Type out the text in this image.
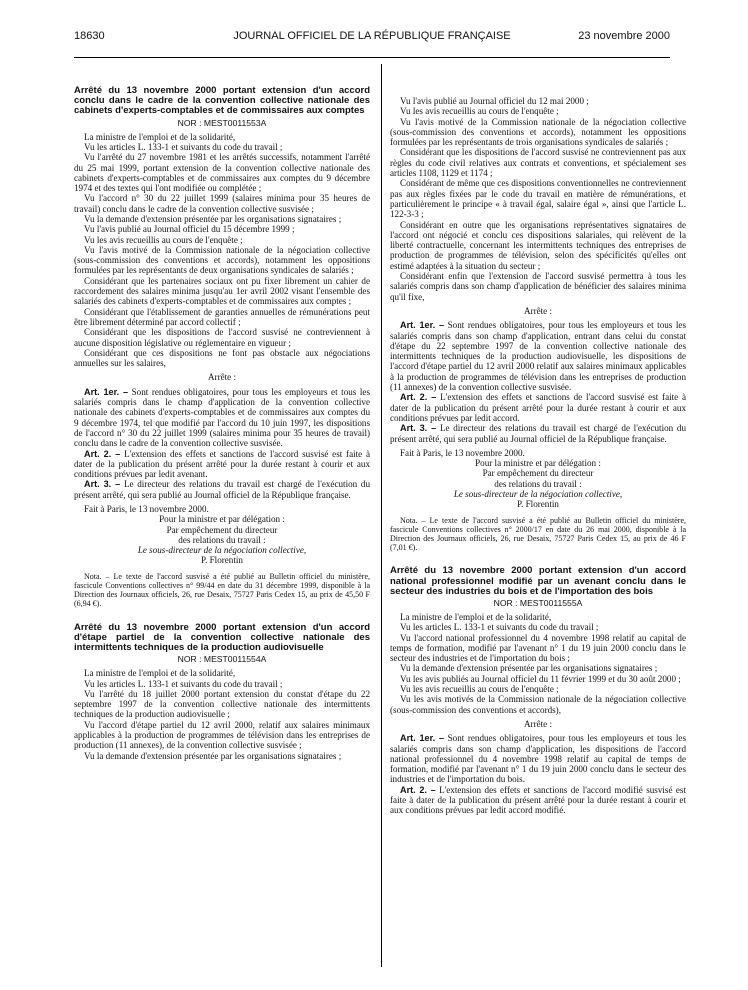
18630	JOURNAL OFFICIEL DE LA RÉPUBLIQUE FRANÇAISE	23 novembre 2000
Arrêté du 13 novembre 2000 portant extension d'un accord conclu dans le cadre de la convention collective nationale des cabinets d'experts-comptables et de commissaires aux comptes
NOR : MEST0011553A

La ministre de l'emploi et de la solidarité,

Vu les articles L. 133-1 et suivants du code du travail ;

Vu l'arrêté du 27 novembre 1981 et les arrêtés successifs, notamment l'arrêté du 25 mai 1999, portant extension de la convention collective nationale des cabinets d'experts-comptables et de commissaires aux comptes du 9 décembre 1974 et des textes qui l'ont modifiée ou complétée ;

Vu l'accord n° 30 du 22 juillet 1999 (salaires minima pour 35 heures de travail) conclu dans le cadre de la convention collective susvisée ;

Vu la demande d'extension présentée par les organisations signataires ;

Vu l'avis publié au Journal officiel du 15 décembre 1999 ;

Vu les avis recueillis au cours de l'enquête ;

Vu l'avis motivé de la Commission nationale de la négociation collective (sous-commission des conventions et accords), notamment les oppositions formulées par les représentants de deux organisations syndicales de salariés ;

Considérant que les partenaires sociaux ont pu fixer librement un cahier de raccordement des salaires minima jusqu'au 1er avril 2002 visant l'ensemble des salariés des cabinets d'experts-comptables et de commissaires aux comptes ;

Considérant que l'établissement de garanties annuelles de rémunérations peut être librement déterminé par accord collectif ;

Considérant que les dispositions de l'accord susvisé ne contreviennent à aucune disposition législative ou réglementaire en vigueur ;

Considérant que ces dispositions ne font pas obstacle aux négociations annuelles sur les salaires,

Arrête :

Art. 1er. – Sont rendues obligatoires, pour tous les employeurs et tous les salariés compris dans le champ d'application de la convention collective nationale des cabinets d'experts-comptables et de commissaires aux comptes du 9 décembre 1974, tel que modifié par l'accord du 10 juin 1997, les dispositions de l'accord n° 30 du 22 juillet 1999 (salaires minima pour 35 heures de travail) conclu dans le cadre de la convention collective susvisée.

Art. 2. – L'extension des effets et sanctions de l'accord susvisé est faite à dater de la publication du présent arrêté pour la durée restant à courir et aux conditions prévues par ledit avenant.

Art. 3. – Le directeur des relations du travail est chargé de l'exécution du présent arrêté, qui sera publié au Journal officiel de la République française.

Fait à Paris, le 13 novembre 2000.

Pour la ministre et par délégation :

Par empêchement du directeur

des relations du travail :

Le sous-directeur de la négociation collective,

P. Florentin

Nota. – Le texte de l'accord susvisé a été publié au Bulletin officiel du ministère, fascicule Conventions collectives n° 99/44 en date du 31 décembre 1999, disponible à la Direction des Journaux officiels, 26, rue Desaix, 75727 Paris Cedex 15, au prix de 45,50 F (6,94 €).

Arrêté du 13 novembre 2000 portant extension d'un accord d'étape partiel de la convention collective nationale des intermittents techniques de la production audiovisuelle
NOR : MEST0011554A

La ministre de l'emploi et de la solidarité,

Vu les articles L. 133-1 et suivants du code du travail ;

Vu l'arrêté du 18 juillet 2000 portant extension du constat d'étape du 22 septembre 1997 de la convention collective nationale des intermittents techniques de la production audiovisuelle ;

Vu l'accord d'étape partiel du 12 avril 2000, relatif aux salaires minimaux applicables à la production de programmes de télévision dans les entreprises de production (11 annexes), de la convention collective susvisée ;

Vu la demande d'extension présentée par les organisations signataires ;

Vu l'avis publié au Journal officiel du 12 mai 2000 ;

Vu les avis recueillis au cours de l'enquête ;

Vu l'avis motivé de la Commission nationale de la négociation collective (sous-commission des conventions et accords), notamment les oppositions formulées par les représentants de trois organisations syndicales de salariés ;

Considérant que les dispositions de l'accord susvisé ne contreviennent pas aux règles du code civil relatives aux contrats et conventions, et spécialement ses articles 1108, 1129 et 1174 ;

Considérant de même que ces dispositions conventionnelles ne contreviennent pas aux règles fixées par le code du travail en matière de rémunérations, et particulièrement le principe « à travail égal, salaire égal », ainsi que l'article L. 122-3-3 ;

Considérant en outre que les organisations représentatives signataires de l'accord ont négocié et conclu ces dispositions salariales, qui relèvent de la liberté contractuelle, concernant les intermittents techniques des entreprises de production de programmes de télévision, selon des spécificités qu'elles ont estimé adaptées à la situation du secteur ;

Considérant enfin que l'extension de l'accord susvisé permettra à tous les salariés compris dans son champ d'application de bénéficier des salaires minima qu'il fixe,

Arrête :

Art. 1er. – Sont rendues obligatoires, pour tous les employeurs et tous les salariés compris dans son champ d'application, entrant dans celui du constat d'étape du 22 septembre 1997 de la convention collective nationale des intermittents techniques de la production audiovisuelle, les dispositions de l'accord d'étape partiel du 12 avril 2000 relatif aux salaires minimaux applicables à la production de programmes de télévision dans les entreprises de production (11 annexes) de la convention collective susvisée.

Art. 2. – L'extension des effets et sanctions de l'accord susvisé est faite à dater de la publication du présent arrêté pour la durée restant à courir et aux conditions prévues par ledit accord.

Art. 3. – Le directeur des relations du travail est chargé de l'exécution du présent arrêté, qui sera publié au Journal officiel de la République française.

Fait à Paris, le 13 novembre 2000.

Pour la ministre et par délégation :

Par empêchement du directeur

des relations du travail :

Le sous-directeur de la négociation collective,

P. Florentin

Nota. – Le texte de l'accord susvisé a été publié au Bulletin officiel du ministère, fascicule Conventions collectives n° 2000/17 en date du 26 mai 2000, disponible à la Direction des Journaux officiels, 26, rue Desaix, 75727 Paris Cedex 15, au prix de 46 F (7,01 €).

Arrêté du 13 novembre 2000 portant extension d'un accord national professionnel modifié par un avenant conclu dans le secteur des industries du bois et de l'importation des bois
NOR : MEST0011555A

La ministre de l'emploi et de la solidarité,

Vu les articles L. 133-1 et suivants du code du travail ;

Vu l'accord national professionnel du 4 novembre 1998 relatif au capital de temps de formation, modifié par l'avenant n° 1 du 19 juin 2000 conclu dans le secteur des industries et de l'importation du bois ;

Vu la demande d'extension présentée par les organisations signataires ;

Vu les avis publiés au Journal officiel du 11 février 1999 et du 30 août 2000 ;

Vu les avis recueillis au cours de l'enquête ;

Vu les avis motivés de la Commission nationale de la négociation collective (sous-commission des conventions et accords),

Arrête :

Art. 1er. – Sont rendues obligatoires, pour tous les employeurs et tous les salariés compris dans son champ d'application, les dispositions de l'accord national professionnel du 4 novembre 1998 relatif au capital de temps de formation, modifié par l'avenant n° 1 du 19 juin 2000 conclu dans le secteur des industries et de l'importation du bois.

Art. 2. – L'extension des effets et sanctions de l'accord modifié susvisé est faite à dater de la publication du présent arrêté pour la durée restant à courir et aux conditions prévues par ledit accord modifié.
